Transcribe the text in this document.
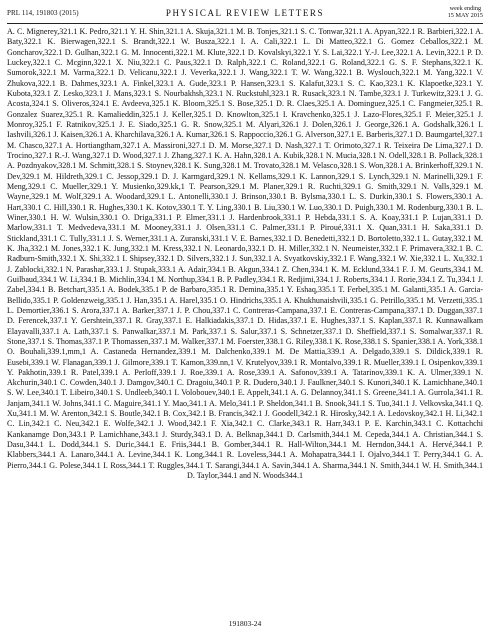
PRL 114, 191803 (2015)	PHYSICAL REVIEW LETTERS	week ending
15 MAY 2015

A. C. Mignerey,321.1 K. Pedro,321.1 Y. H. Shin,321.1 A. Skuja,321.1 M. B. Tonjes,321.1 S. C. Tonwar,321.1 A. Apyan,322.1 R. Barbieri,322.1 A. Baty,322.1 K. Bierwagen,322.1 S. Brandt,322.1 W. Busza,322.1 I. A. Cali,322.1 L. Di Matteo,322.1 G. Gomez Ceballos,322.1 M. Goncharov,322.1 D. Gulhan,322.1 G. M. Innocenti,322.1 M. Klute,322.1 D. Kovalskyi,322.1 Y. S. Lai,322.1 Y.-J. Lee,322.1 A. Levin,322.1 P. D. Luckey,322.1 C. Mcginn,322.1 X. Niu,322.1 C. Paus,322.1 D. Ralph,322.1 C. Roland,322.1 G. Roland,322.1 G. S. F. Stephans,322.1 K. Sumorok,322.1 M. Varma,322.1 D. Velicanu,322.1 J. Veverka,322.1 J. Wang,322.1 T. W. Wang,322.1 B. Wyslouch,322.1 M. Yang,322.1 V. Zhukova,322.1 B. Dahmes,323.1 A. Finkel,323.1 A. Gude,323.1 P. Hansen,323.1 S. Kalafut,323.1 S. C. Kao,323.1 K. Klapoetke,323.1 Y. Kubota,323.1 Z. Lesko,323.1 J. Mans,323.1 S. Nourbakhsh,323.1 N. Ruckstuhl,323.1 R. Rusack,323.1 N. Tambe,323.1 J. Turkewitz,323.1 J. G. Acosta,324.1 S. Oliveros,324.1 E. Avdeeva,325.1 K. Bloom,325.1 S. Bose,325.1 D. R. Claes,325.1 A. Dominguez,325.1 C. Fangmeier,325.1 R. Gonzalez Suarez,325.1 R. Kamalieddin,325.1 J. Keller,325.1 D. Knowlton,325.1 I. Kravchenko,325.1 J. Lazo-Flores,325.1 F. Meier,325.1 J. Monroy,325.1 F. Ratnikov,325.1 J. E. Siado,325.1 G. R. Snow,325.1 M. Alyari,326.1 J. Dolen,326.1 J. George,326.1 A. Godshalk,326.1 I. Iashvili,326.1 J. Kaisen,326.1 A. Kharchilava,326.1 A. Kumar,326.1 S. Rappoccio,326.1 G. Alverson,327.1 E. Barberis,327.1 D. Baumgartel,327.1 M. Chasco,327.1 A. Hortiangtham,327.1 A. Massironi,327.1 D. M. Morse,327.1 D. Nash,327.1 T. Orimoto,327.1 R. Teixeira De Lima,327.1 D. Trocino,327.1 R.-J. Wang,327.1 D. Wood,327.1 J. Zhang,327.1 K. A. Hahn,328.1 A. Kubik,328.1 N. Mucia,328.1 N. Odell,328.1 B. Pollack,328.1 A. Pozdnyakov,328.1 M. Schmitt,328.1 S. Stoynev,328.1 K. Sung,328.1 M. Trovato,328.1 M. Velasco,328.1 S. Won,328.1 A. Brinkerhoff,329.1 N. Dev,329.1 M. Hildreth,329.1 C. Jessop,329.1 D. J. Karmgard,329.1 N. Kellams,329.1 K. Lannon,329.1 S. Lynch,329.1 N. Marinelli,329.1 F. Meng,329.1 C. Mueller,329.1 Y. Musienko,329.kk,1 T. Pearson,329.1 M. Planer,329.1 R. Ruchti,329.1 G. Smith,329.1 N. Valls,329.1 M. Wayne,329.1 M. Wolf,329.1 A. Woodard,329.1 L. Antonelli,330.1 J. Brinson,330.1 B. Bylsma,330.1 L. S. Durkin,330.1 S. Flowers,330.1 A. Hart,330.1 C. Hill,330.1 R. Hughes,330.1 K. Kotov,330.1 T. Y. Ling,330.1 B. Liu,330.1 W. Luo,330.1 D. Puigh,330.1 M. Rodenburg,330.1 B. L. Winer,330.1 H. W. Wulsin,330.1 O. Driga,331.1 P. Elmer,331.1 J. Hardenbrook,331.1 P. Hebda,331.1 S. A. Koay,331.1 P. Lujan,331.1 D. Marlow,331.1 T. Medvedeva,331.1 M. Mooney,331.1 J. Olsen,331.1 C. Palmer,331.1 P. Piroué,331.1 X. Quan,331.1 H. Saka,331.1 D. Stickland,331.1 C. Tully,331.1 J. S. Werner,331.1 A. Zuranski,331.1 V. E. Barnes,332.1 D. Benedetti,332.1 D. Bortoletto,332.1 L. Gutay,332.1 M. K. Jha,332.1 M. Jones,332.1 K. Jung,332.1 M. Kress,332.1 N. Leonardo,332.1 D. H. Miller,332.1 N. Neumeister,332.1 F. Primavera,332.1 B. C. Radburn-Smith,332.1 X. Shi,332.1 I. Shipsey,332.1 D. Silvers,332.1 J. Sun,332.1 A. Svyatkovskiy,332.1 F. Wang,332.1 W. Xie,332.1 L. Xu,332.1 J. Zablocki,332.1 N. Parashar,333.1 J. Stupak,333.1 A. Adair,334.1 B. Akgun,334.1 Z. Chen,334.1 K. M. Ecklund,334.1 F. J. M. Geurts,334.1 M. Guilbaud,334.1 W. Li,334.1 B. Michlin,334.1 M. Northup,334.1 B. P. Padley,334.1 R. Redjimi,334.1 J. Roberts,334.1 J. Rorie,334.1 Z. Tu,334.1 J. Zabel,334.1 B. Betchart,335.1 A. Bodek,335.1 P. de Barbaro,335.1 R. Demina,335.1 Y. Eshaq,335.1 T. Ferbel,335.1 M. Galanti,335.1 A. Garcia-Bellido,335.1 P. Goldenzweig,335.1 J. Han,335.1 A. Harel,335.1 O. Hindrichs,335.1 A. Khukhunaishvili,335.1 G. Petrillo,335.1 M. Verzetti,335.1 L. Demortier,336.1 S. Arora,337.1 A. Barker,337.1 J. P. Chou,337.1 C. Contreras-Campana,337.1 E. Contreras-Campana,337.1 D. Duggan,337.1 D. Ferencek,337.1 Y. Gershtein,337.1 R. Gray,337.1 E. Halkiadakis,337.1 D. Hidas,337.1 E. Hughes,337.1 S. Kaplan,337.1 R. Kunnawalkam Elayavalli,337.1 A. Lath,337.1 S. Panwalkar,337.1 M. Park,337.1 S. Salur,337.1 S. Schnetzer,337.1 D. Sheffield,337.1 S. Somalwar,337.1 R. Stone,337.1 S. Thomas,337.1 P. Thomassen,337.1 M. Walker,337.1 M. Foerster,338.1 G. Riley,338.1 K. Rose,338.1 S. Spanier,338.1 A. York,338.1 O. Bouhali,339.1,mm,1 A. Castaneda Hernandez,339.1 M. Dalchenko,339.1 M. De Mattia,339.1 A. Delgado,339.1 S. Dildick,339.1 R. Eusebi,339.1 W. Flanagan,339.1 J. Gilmore,339.1 T. Kamon,339.nn,1 V. Krutelyov,339.1 R. Montalvo,339.1 R. Mueller,339.1 I. Osipenkov,339.1 Y. Pakhotin,339.1 R. Patel,339.1 A. Perloff,339.1 J. Roe,339.1 A. Rose,339.1 A. Safonov,339.1 A. Tatarinov,339.1 K. A. Ulmer,339.1 N. Akchurin,340.1 C. Cowden,340.1 J. Damgov,340.1 C. Dragoiu,340.1 P. R. Dudero,340.1 J. Faulkner,340.1 S. Kunori,340.1 K. Lamichhane,340.1 S. W. Lee,340.1 T. Libeiro,340.1 S. Undleeb,340.1 I. Volobouev,340.1 E. Appelt,341.1 A. G. Delannoy,341.1 S. Greene,341.1 A. Gurrola,341.1 R. Janjam,341.1 W. Johns,341.1 C. Maguire,341.1 Y. Mao,341.1 A. Melo,341.1 P. Sheldon,341.1 B. Snook,341.1 S. Tuo,341.1 J. Velkovska,341.1 Q. Xu,341.1 M. W. Arenton,342.1 S. Boutle,342.1 B. Cox,342.1 B. Francis,342.1 J. Goodell,342.1 R. Hirosky,342.1 A. Ledovskoy,342.1 H. Li,342.1 C. Lin,342.1 C. Neu,342.1 E. Wolfe,342.1 J. Wood,342.1 F. Xia,342.1 C. Clarke,343.1 R. Harr,343.1 P. E. Karchin,343.1 C. Kottachchi Kankanamge Don,343.1 P. Lamichhane,343.1 J. Sturdy,343.1 D. A. Belknap,344.1 D. Carlsmith,344.1 M. Cepeda,344.1 A. Christian,344.1 S. Dasu,344.1 L. Dodd,344.1 S. Duric,344.1 E. Friis,344.1 B. Gomber,344.1 R. Hall-Wilton,344.1 M. Herndon,344.1 A. Hervé,344.1 P. Klabbers,344.1 A. Lanaro,344.1 A. Levine,344.1 K. Long,344.1 R. Loveless,344.1 A. Mohapatra,344.1 I. Ojalvo,344.1 T. Perry,344.1 G. A. Pierro,344.1 G. Polese,344.1 I. Ross,344.1 T. Ruggles,344.1 T. Sarangi,344.1 A. Savin,344.1 A. Sharma,344.1 N. Smith,344.1 W. H. Smith,344.1 D. Taylor,344.1 and N. Woods344.1

191803-24
